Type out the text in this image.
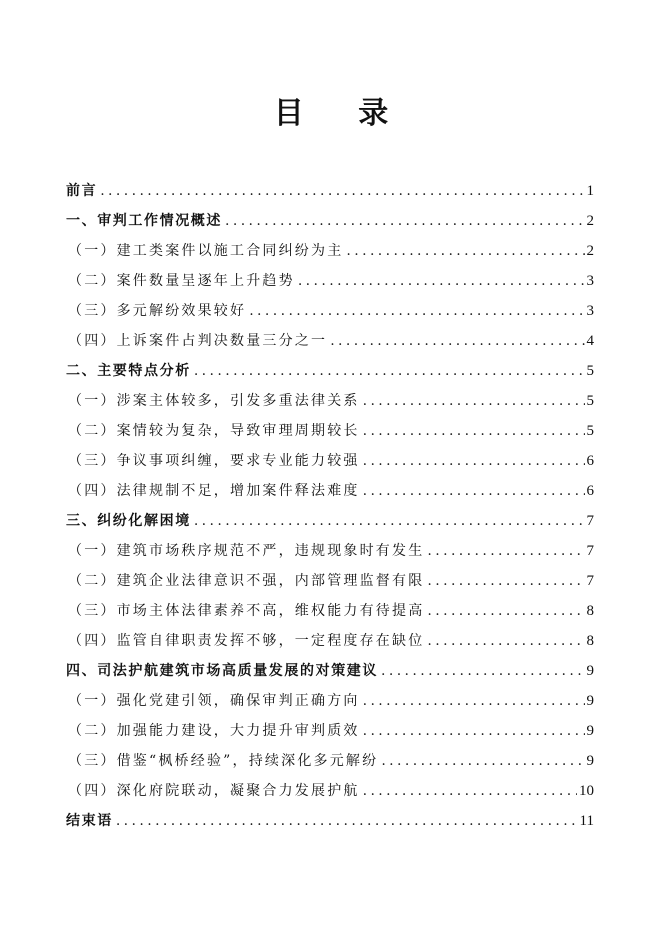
目 录
前言 .....	1
一、审判工作情况概述 .....	2
（一）建工类案件以施工合同纠纷为主 .....	2
（二）案件数量呈逐年上升趋势 .....	3
（三）多元解纷效果较好 .....	3
（四）上诉案件占判决数量三分之一 .....	4
二、主要特点分析 .....	5
（一）涉案主体较多，引发多重法律关系 .....	5
（二）案情较为复杂，导致审理周期较长 .....	5
（三）争议事项纠缠，要求专业能力较强 .....	6
（四）法律规制不足，增加案件释法难度 .....	6
三、纠纷化解困境 .....	7
（一）建筑市场秩序规范不严，违规现象时有发生 .....	7
（二）建筑企业法律意识不强，内部管理监督有限 .....	7
（三）市场主体法律素养不高，维权能力有待提高 .....	8
（四）监管自律职责发挥不够，一定程度存在缺位 .....	8
四、司法护航建筑市场高质量发展的对策建议 .....	9
（一）强化党建引领，确保审判正确方向 .....	9
（二）加强能力建设，大力提升审判质效 .....	9
（三）借鉴“枫桥经验”，持续深化多元解纷 .....	9
（四）深化府院联动，凝聚合力发展护航 .....	10
结束语 .....	11
